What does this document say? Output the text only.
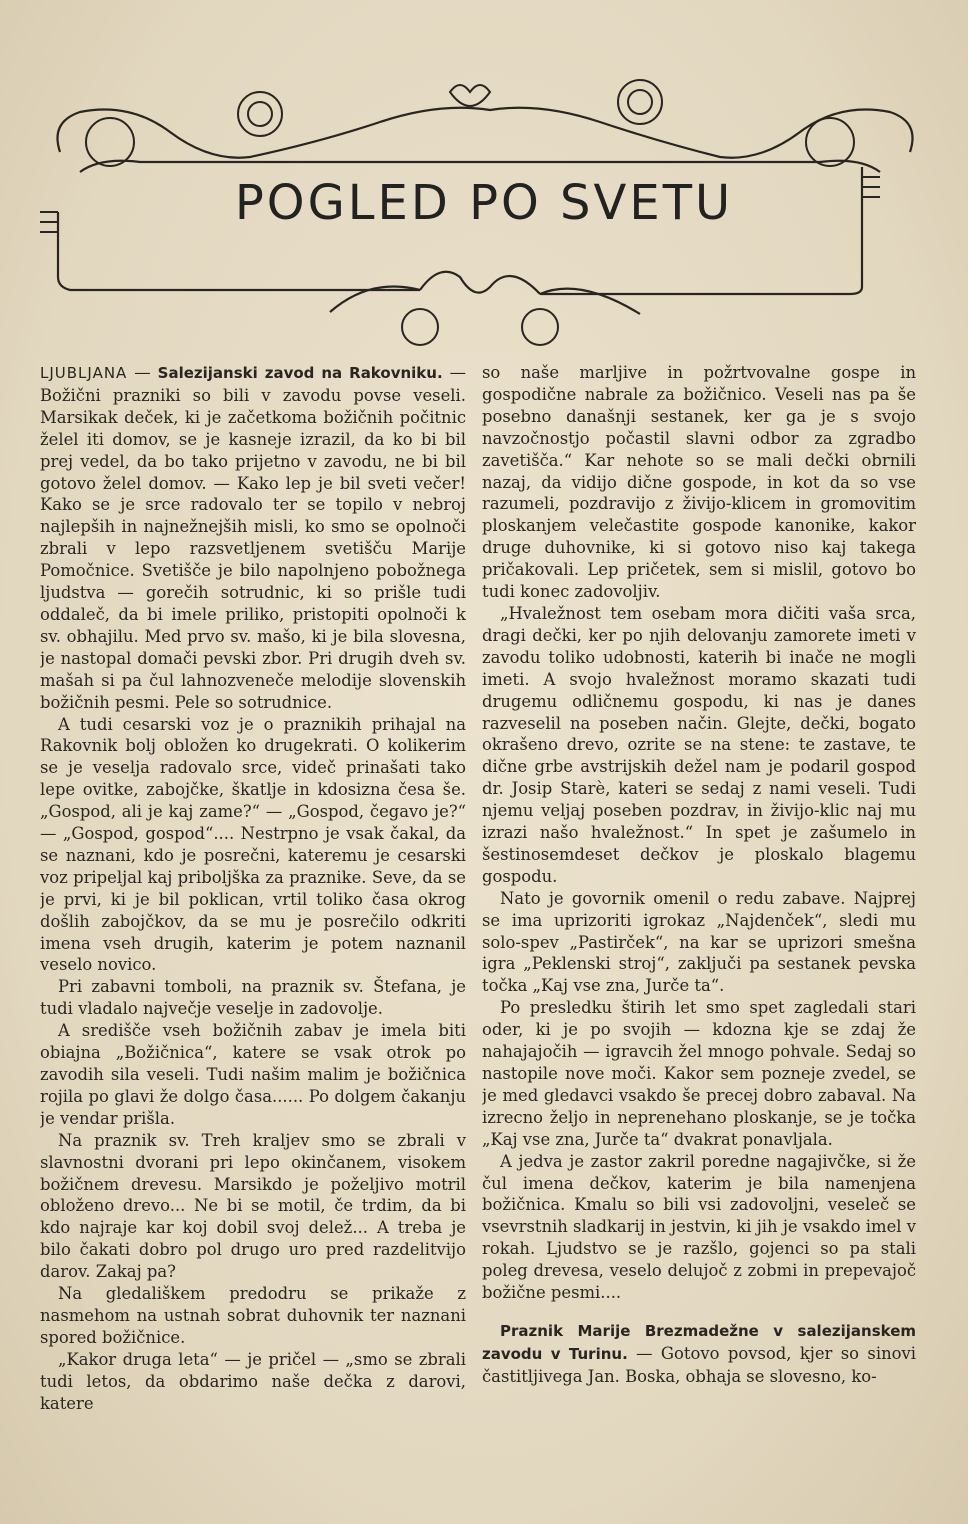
POGLED PO SVETU

LJUBLJANA — Salezijanski zavod na Rakovniku. — Božični prazniki so bili v zavodu povse veseli. Marsikak deček, ki je začetkoma božičnih počitnic želel iti domov, se je kasneje izrazil, da ko bi bil prej vedel, da bo tako prijetno v zavodu, ne bi bil gotovo želel domov. — Kako lep je bil sveti večer! Kako se je srce radovalo ter se topilo v nebroj najlepših in najnežnejših misli, ko smo se opolnoči zbrali v lepo razsvetljenem svetišču Marije Pomočnice. Svetišče je bilo napolnjeno pobožnega ljudstva — gorečih sotrudnic, ki so prišle tudi oddaleč, da bi imele priliko, pristopiti opolnoči k sv. obhajilu. Med prvo sv. mašo, ki je bila slovesna, je nastopal domači pevski zbor. Pri drugih dveh sv. mašah si pa čul lahnozveneče melodije slovenskih božičnih pesmi. Pele so sotrudnice.

A tudi cesarski voz je o praznikih prihajal na Rakovnik bolj obložen ko drugekrati. O kolikerim se je veselja radovalo srce, videč prinašati tako lepe ovitke, zabojčke, škatlje in kdosizna česa še. „Gospod, ali je kaj zame?“ — „Gospod, čegavo je?“ — „Gospod, gospod“.... Nestrpno je vsak čakal, da se naznani, kdo je posrečni, kateremu je cesarski voz pripeljal kaj priboljška za praznike. Seve, da se je prvi, ki je bil poklican, vrtil toliko časa okrog došlih zabojčkov, da se mu je posrečilo odkriti imena vseh drugih, katerim je potem naznanil veselo novico.

Pri zabavni tomboli, na praznik sv. Štefana, je tudi vladalo največje veselje in zadovolje.

A središče vseh božičnih zabav je imela biti obiajna „Božičnica“, katere se vsak otrok po zavodih sila veseli. Tudi našim malim je božičnica rojila po glavi že dolgo časa...... Po dolgem čakanju je vendar prišla.

Na praznik sv. Treh kraljev smo se zbrali v slavnostni dvorani pri lepo okinčanem, visokem božičnem drevesu. Marsikdo je poželjivo motril obloženo drevo... Ne bi se motil, če trdim, da bi kdo najraje kar koj dobil svoj delež... A treba je bilo čakati dobro pol drugo uro pred razdelitvijo darov. Zakaj pa?

Na gledališkem predodru se prikaže z nasmehom na ustnah sobrat duhovnik ter naznani spored božičnice.

„Kakor druga leta“ — je pričel — „smo se zbrali tudi letos, da obdarimo naše dečka z darovi, katere

so naše marljive in požrtvovalne gospe in gospodične nabrale za božičnico. Veseli nas pa še posebno današnji sestanek, ker ga je s svojo navzočnostjo počastil slavni odbor za zgradbo zavetišča.“ Kar nehote so se mali dečki obrnili nazaj, da vidijo dične gospode, in kot da so vse razumeli, pozdravijo z živijo-klicem in gromovitim ploskanjem velečastite gospode kanonike, kakor druge duhovnike, ki si gotovo niso kaj takega pričakovali. Lep pričetek, sem si mislil, gotovo bo tudi konec zadovoljiv.

„Hvaležnost tem osebam mora dičiti vaša srca, dragi dečki, ker po njih delovanju zamorete imeti v zavodu toliko udobnosti, katerih bi inače ne mogli imeti. A svojo hvaležnost moramo skazati tudi drugemu odličnemu gospodu, ki nas je danes razveselil na poseben način. Glejte, dečki, bogato okrašeno drevo, ozrite se na stene: te zastave, te dične grbe avstrijskih dežel nam je podaril gospod dr. Josip Starè, kateri se sedaj z nami veseli. Tudi njemu veljaj poseben pozdrav, in živijo-klic naj mu izrazi našo hvaležnost.“ In spet je zašumelo in šestinosemdeset dečkov je ploskalo blagemu gospodu.

Nato je govornik omenil o redu zabave. Najprej se ima uprizoriti igrokaz „Najdenček“, sledi mu solo-spev „Pastirček“, na kar se uprizori smešna igra „Peklenski stroj“, zaključi pa sestanek pevska točka „Kaj vse zna, Jurče ta“.

Po presledku štirih let smo spet zagledali stari oder, ki je po svojih — kdozna kje se zdaj že nahajajočih — igravcih žel mnogo pohvale. Sedaj so nastopile nove moči. Kakor sem pozneje zvedel, se je med gledavci vsakdo še precej dobro zabaval. Na izrecno željo in neprenehano ploskanje, se je točka „Kaj vse zna, Jurče ta“ dvakrat ponavljala.

A jedva je zastor zakril poredne nagajivčke, si že čul imena dečkov, katerim je bila namenjena božičnica. Kmalu so bili vsi zadovoljni, veseleč se vsevrstnih sladkarij in jestvin, ki jih je vsakdo imel v rokah. Ljudstvo se je razšlo, gojenci so pa stali poleg drevesa, veselo delujoč z zobmi in prepevajoč božične pesmi....

Praznik Marije Brezmadežne v salezijanskem zavodu v Turinu. — Gotovo povsod, kjer so sinovi častitljivega Jan. Boska, obhaja se slovesno, ko-
